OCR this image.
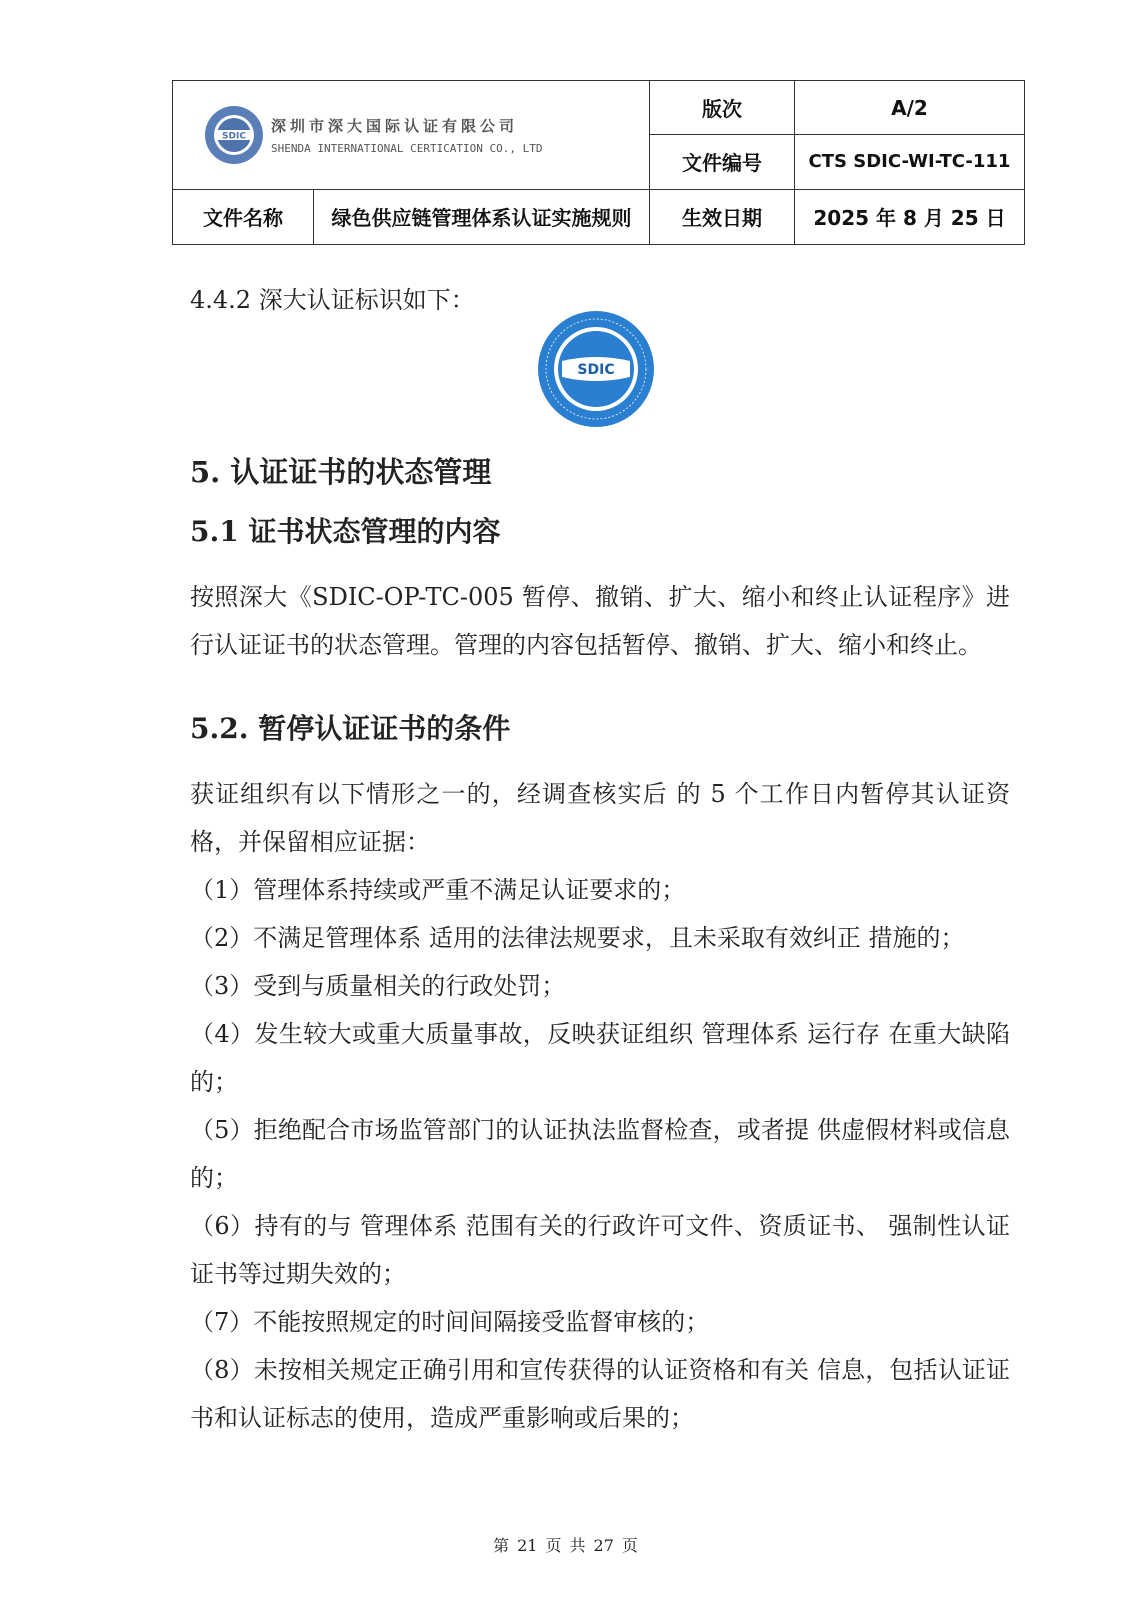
SDIC
深圳市深大国际认证有限公司
SHENDA INTERNATIONAL CERTICATION CO., LTD		版次	A/2
		文件编号	CTS SDIC-WI-TC-111
文件名称	绿色供应链管理体系认证实施规则	生效日期	2025 年 8 月 25 日

4.4.2 深大认证标识如下：

SDIC
5. 认证证书的状态管理
5.1 证书状态管理的内容

按照深大《SDIC-OP-TC-005 暂停、撤销、扩大、缩小和终止认证程序》进行认证证书的状态管理。管理的内容包括暂停、撤销、扩大、缩小和终止。

5.2. 暂停认证证书的条件

获证组织有以下情形之一的，经调查核实后 的 5 个工作日内暂停其认证资格，并保留相应证据：

（1）管理体系持续或严重不满足认证要求的；

（2）不满足管理体系 适用的法律法规要求，且未采取有效纠正 措施的；

（3）受到与质量相关的行政处罚；

（4）发生较大或重大质量事故，反映获证组织 管理体系 运行存 在重大缺陷的；

（5）拒绝配合市场监管部门的认证执法监督检查，或者提 供虚假材料或信息的；

（6）持有的与 管理体系 范围有关的行政许可文件、资质证书、 强制性认证证书等过期失效的；

（7）不能按照规定的时间间隔接受监督审核的；

（8）未按相关规定正确引用和宣传获得的认证资格和有关 信息，包括认证证书和认证标志的使用，造成严重影响或后果的；

第 21 页 共 27 页
